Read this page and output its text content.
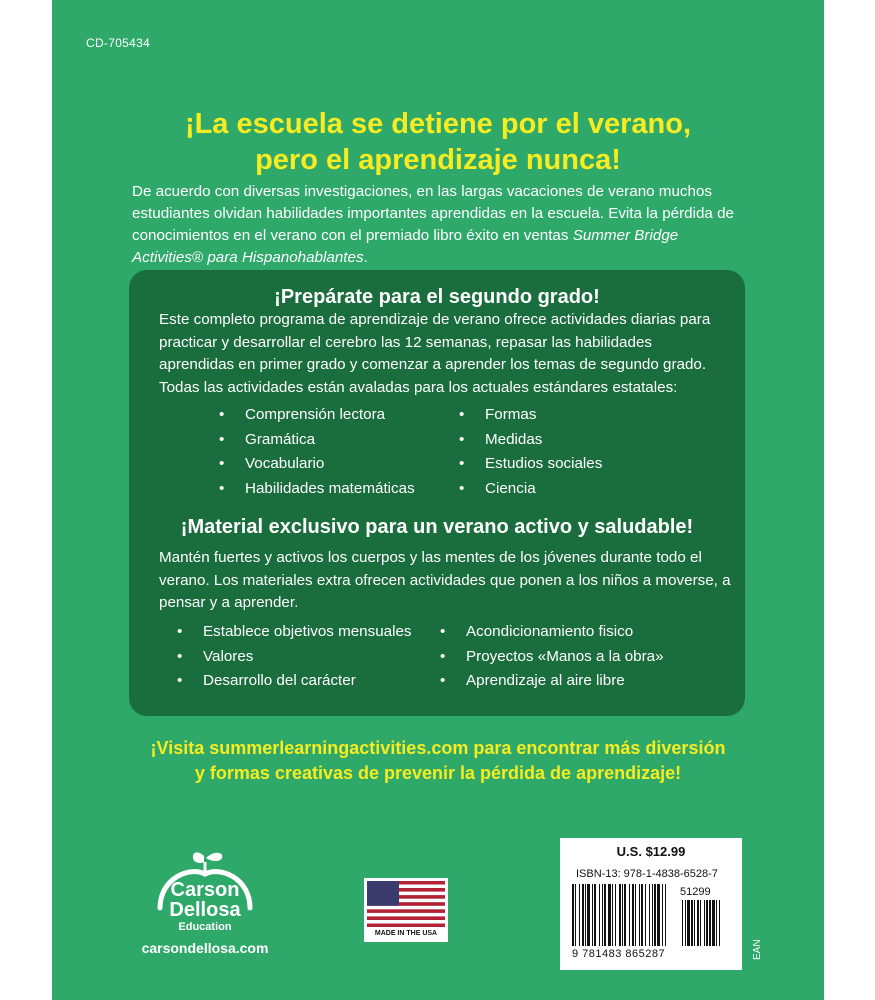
CD-705434
¡La escuela se detiene por el verano,
pero el aprendizaje nunca!
De acuerdo con diversas investigaciones, en las largas vacaciones de verano muchos estudiantes olvidan habilidades importantes aprendidas en la escuela. Evita la pérdida de conocimientos en el verano con el premiado libro éxito en ventas Summer Bridge Activities® para Hispanohablantes.
¡Prepárate para el segundo grado!
Este completo programa de aprendizaje de verano ofrece actividades diarias para practicar y desarrollar el cerebro las 12 semanas, repasar las habilidades aprendidas en primer grado y comenzar a aprender los temas de segundo grado. Todas las actividades están avaladas para los actuales estándares estatales:
• Comprensión lectora
• Gramática
• Vocabulario
• Habilidades matemáticas
• Formas
• Medidas
• Estudios sociales
• Ciencia
¡Material exclusivo para un verano activo y saludable!
Mantén fuertes y activos los cuerpos y las mentes de los jóvenes durante todo el verano. Los materiales extra ofrecen actividades que ponen a los niños a moverse, a pensar y a aprender.
• Establece objetivos mensuales
• Valores
• Desarrollo del carácter
• Acondicionamiento fisico
• Proyectos «Manos a la obra»
• Aprendizaje al aire libre
¡Visita summerlearningactivities.com para encontrar más diversión
y formas creativas de prevenir la pérdida de aprendizaje!
Carson
Dellosa
Education
carsondellosa.com
MADE IN THE USA
U.S. $12.99
ISBN-13: 978-1-4838-6528-7
51299
9 781483 865287	EAN
